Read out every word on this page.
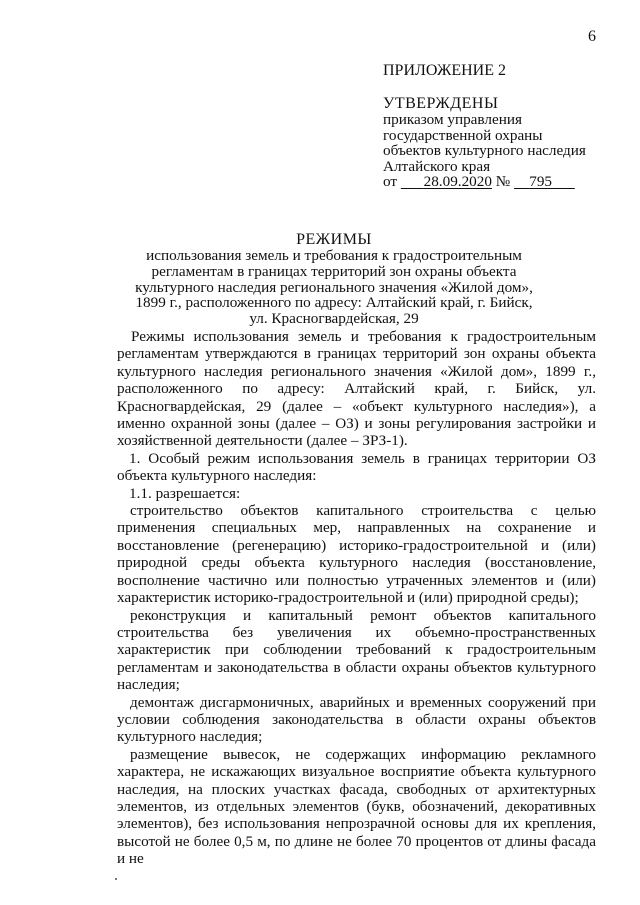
6
ПРИЛОЖЕНИЕ 2
УТВЕРЖДЕНЫ
приказом управления
государственной охраны
объектов культурного наследия
Алтайского края
от 28.09.2020 № 795
РЕЖИМЫ
использования земель и требования к градостроительным
регламентам в границах территорий зон охраны объекта
культурного наследия регионального значения «Жилой дом»,
1899 г., расположенного по адресу: Алтайский край, г. Бийск,
ул. Красногвардейская, 29

Режимы использования земель и требования к градостроительным регламентам утверждаются в границах территорий зон охраны объекта культурного наследия регионального значения «Жилой дом», 1899 г., расположенного по адресу: Алтайский край, г. Бийск, ул. Красногвардейская, 29 (далее – «объект культурного наследия»), а именно охранной зоны (далее – ОЗ) и зоны регулирования застройки и хозяйственной деятельности (далее – ЗРЗ-1).

1. Особый режим использования земель в границах территории ОЗ объекта культурного наследия:

1.1. разрешается:

строительство объектов капитального строительства с целью применения специальных мер, направленных на сохранение и восстановление (регенерацию) историко-градостроительной и (или) природной среды объекта культурного наследия (восстановление, восполнение частично или полностью утраченных элементов и (или) характеристик историко-градостроительной и (или) природной среды);

реконструкция и капитальный ремонт объектов капитального строительства без увеличения их объемно-пространственных характеристик при соблюдении требований к градостроительным регламентам и законодательства в области охраны объектов культурного наследия;

демонтаж дисгармоничных, аварийных и временных сооружений при условии соблюдения законодательства в области охраны объектов культурного наследия;

размещение вывесок, не содержащих информацию рекламного характера, не искажающих визуальное восприятие объекта культурного наследия, на плоских участках фасада, свободных от архитектурных элементов, из отдельных элементов (букв, обозначений, декоративных элементов), без использования непрозрачной основы для их крепления, высотой не более 0,5 м, по длине не более 70 процентов от длины фасада и не
